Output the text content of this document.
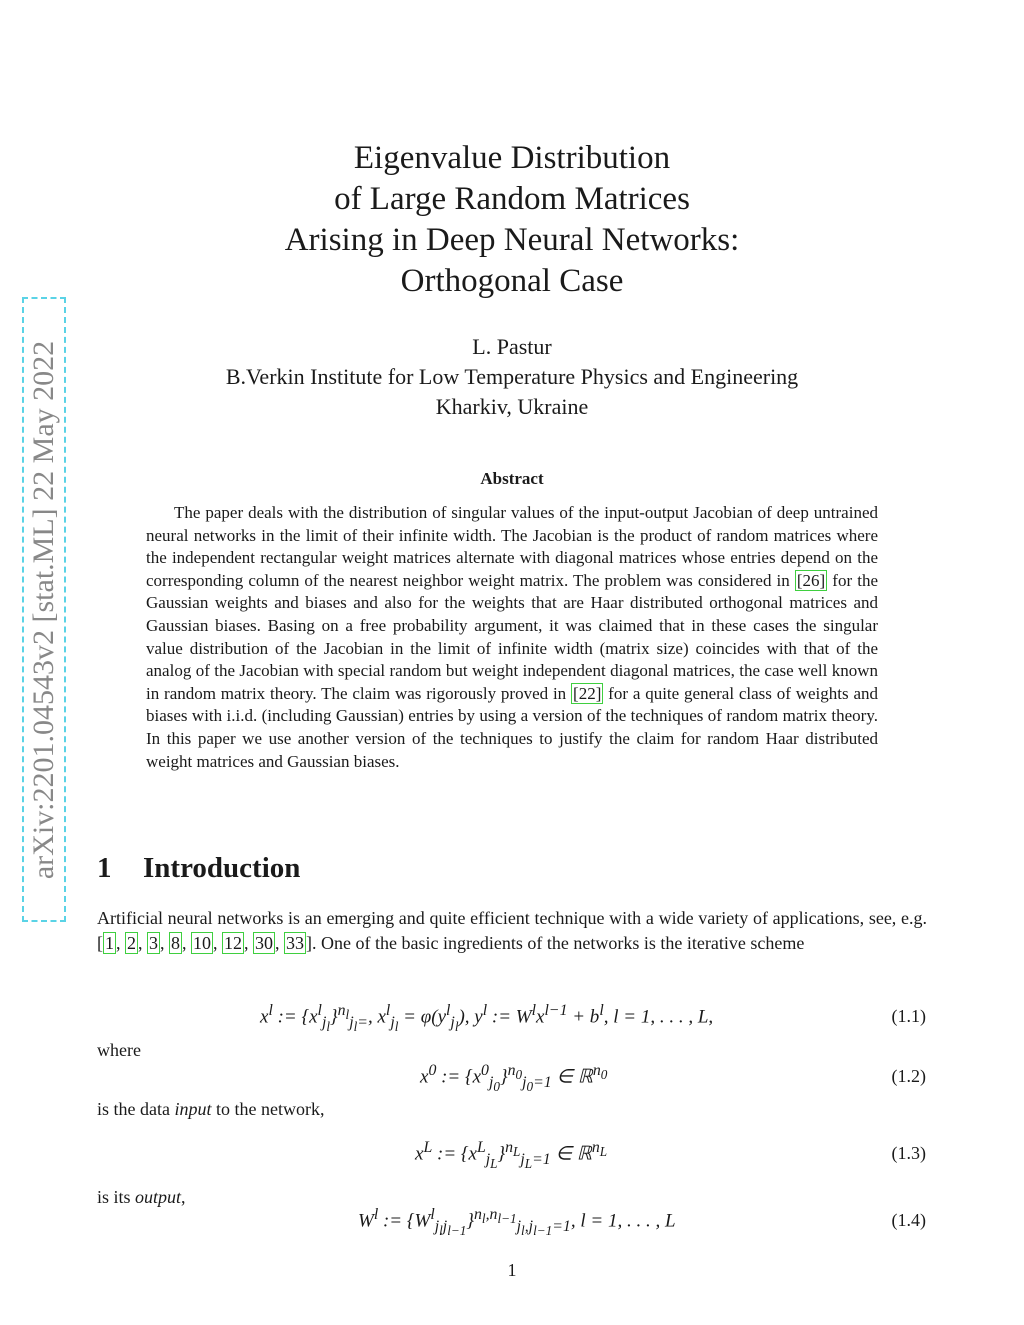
arXiv:2201.04543v2 [stat.ML] 22 May 2022
Eigenvalue Distribution
of Large Random Matrices
Arising in Deep Neural Networks:
Orthogonal Case
L. Pastur
B.Verkin Institute for Low Temperature Physics and Engineering
Kharkiv, Ukraine
Abstract
The paper deals with the distribution of singular values of the input-output Jacobian of deep untrained neural networks in the limit of their infinite width. The Jacobian is the product of random matrices where the independent rectangular weight matrices alternate with diagonal matrices whose entries depend on the corresponding column of the nearest neighbor weight matrix. The problem was considered in [26] for the Gaussian weights and biases and also for the weights that are Haar distributed orthogonal matrices and Gaussian biases. Basing on a free probability argument, it was claimed that in these cases the singular value distribution of the Jacobian in the limit of infinite width (matrix size) coincides with that of the analog of the Jacobian with special random but weight independent diagonal matrices, the case well known in random matrix theory. The claim was rigorously proved in [22] for a quite general class of weights and biases with i.i.d. (including Gaussian) entries by using a version of the techniques of random matrix theory. In this paper we use another version of the techniques to justify the claim for random Haar distributed weight matrices and Gaussian biases.
1 Introduction
Artificial neural networks is an emerging and quite efficient technique with a wide variety of applications, see, e.g. [ 1 , 2 , 3 , 8 , 10 , 12 , 30 , 33 ]. One of the basic ingredients of the networks is the iterative scheme
$x^l$ := $\{x^l_{j_l}\}^{n_l}_{j_l=}$, $x^l_{j_l} = \varphi(y^l_{j_l})$, $y^l$ := $W^lx^{l-1} + b^l$, l = 1, . . . , L,	(1.1)
where
$x^0$ := $\{x^0_{j_0}\}^{n_0}_{j_0=1}$ ∈ ℝ$^{n_0}$	(1.2)
is the data input to the network,
$x^L$ := $\{x^L_{j_L}\}^{n_L}_{j_L=1}$ ∈ ℝ$^{n_L}$	(1.3)
is its output,
$W^l$ := $\{W^l_{j_lj_{l-1}}\}^{n_l,n_{l-1}}_{j_l,j_{l-1}=1}$, l = 1, . . . , L	(1.4)
1
